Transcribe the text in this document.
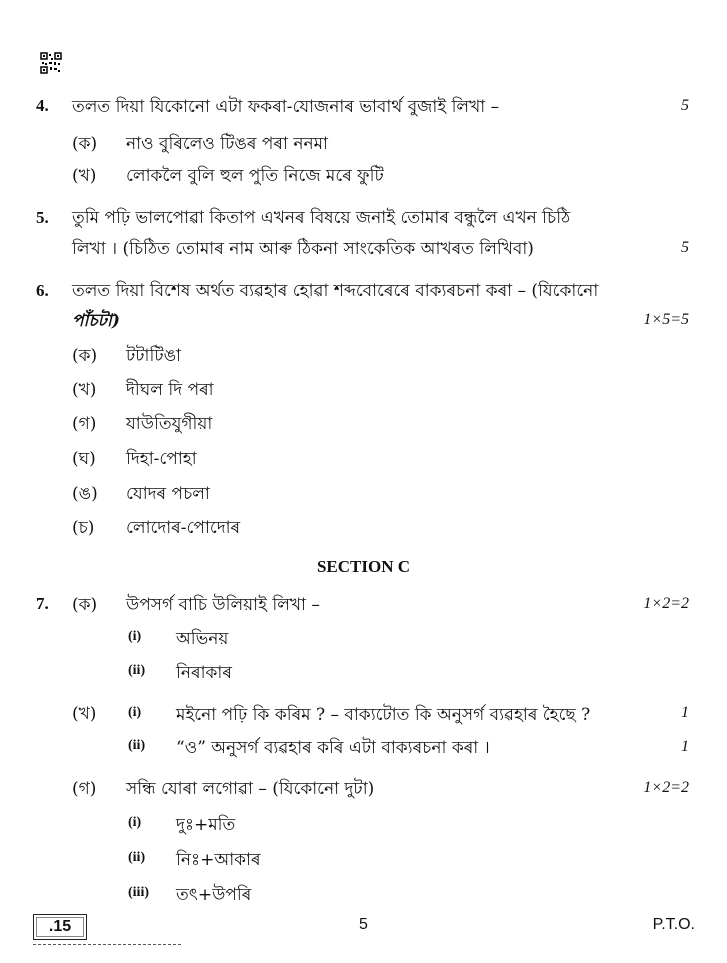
4. তলত দিয়া যিকোনো এটা ফকৰা-যোজনাৰ ভাবাৰ্থ বুজাই লিখা –	5
(ক) নাও বুৰিলেও টিঙৰ পৰা ননমা
(খ) লোকলৈ বুলি হুল পুতি নিজে মৰে ফুটি
5. তুমি পঢ়ি ভালপোৱা কিতাপ এখনৰ বিষয়ে জনাই তোমাৰ বন্ধুলৈ এখন চিঠি
লিখা । (চিঠিত তোমাৰ নাম আৰু ঠিকনা সাংকেতিক আখৰত লিখিবা)	5
6. তলত দিয়া বিশেষ অৰ্থত ব্যৱহাৰ হোৱা শব্দবোৰেৰে বাক্যৰচনা কৰা – (যিকোনো
পাঁচটা)	1×5=5
(ক) টটাটিঙা
(খ) দীঘল দি পৰা
(গ) যাউতিযুগীয়া
(ঘ) দিহা-পোহা
(ঙ) যোদৰ পচলা
(চ) লোদোৰ-পোদোৰ
SECTION C
7. (ক) উপসৰ্গ বাচি উলিয়াই লিখা –	1×2=2
(i) অভিনয়
(ii) নিৰাকাৰ
(খ) (i) মইনো পঢ়ি কি কৰিম ? – বাক্যটোত কি অনুসৰ্গ ব্যৱহাৰ হৈছে ?	1
(ii) “ও” অনুসৰ্গ ব্যৱহাৰ কৰি এটা বাক্যৰচনা কৰা ।	1
(গ) সন্ধি যোৰা লগোৱা – (যিকোনো দুটা)	1×2=2
(i) দুঃ+মতি
(ii) নিঃ+আকাৰ
(iii) তৎ+উপৰি
.15	5	P.T.O.
